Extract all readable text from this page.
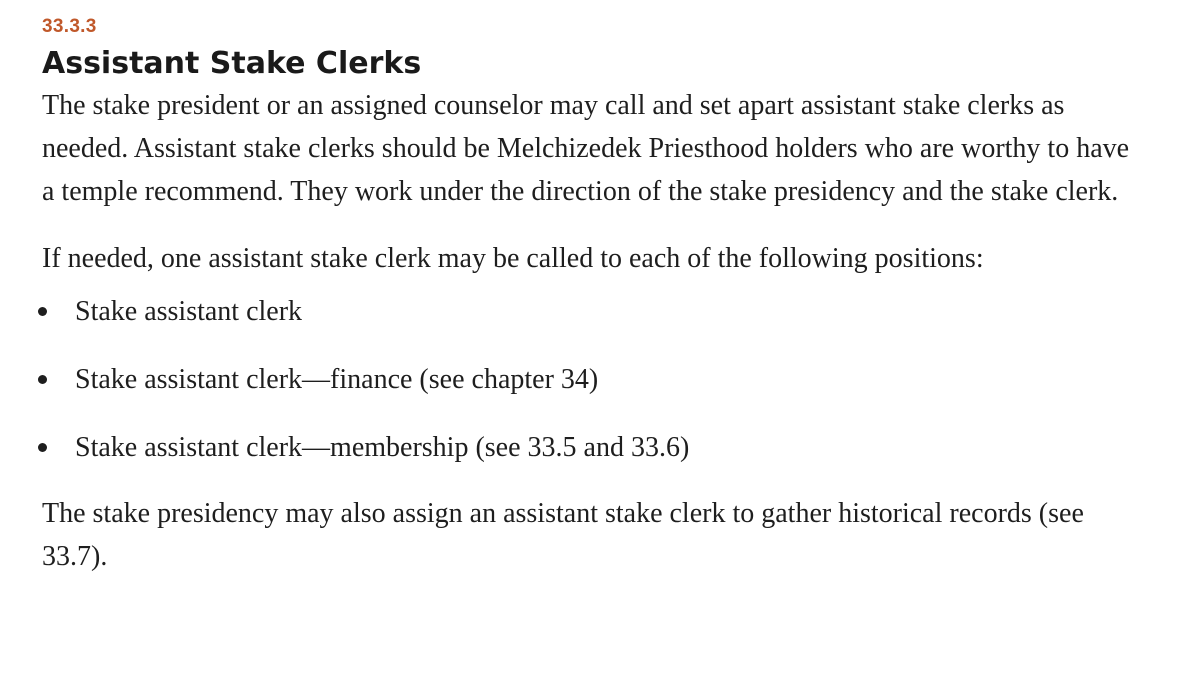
33.3.3
Assistant Stake Clerks

The stake president or an assigned counselor may call and set apart assistant stake clerks as needed. Assistant stake clerks should be Melchizedek Priesthood holders who are worthy to have a temple recommend. They work under the direction of the stake presidency and the stake clerk.

If needed, one assistant stake clerk may be called to each of the following positions:

Stake assistant clerk
Stake assistant clerk—finance (see chapter 34)
Stake assistant clerk—membership (see 33.5 and 33.6)

The stake presidency may also assign an assistant stake clerk to gather historical records (see 33.7).
